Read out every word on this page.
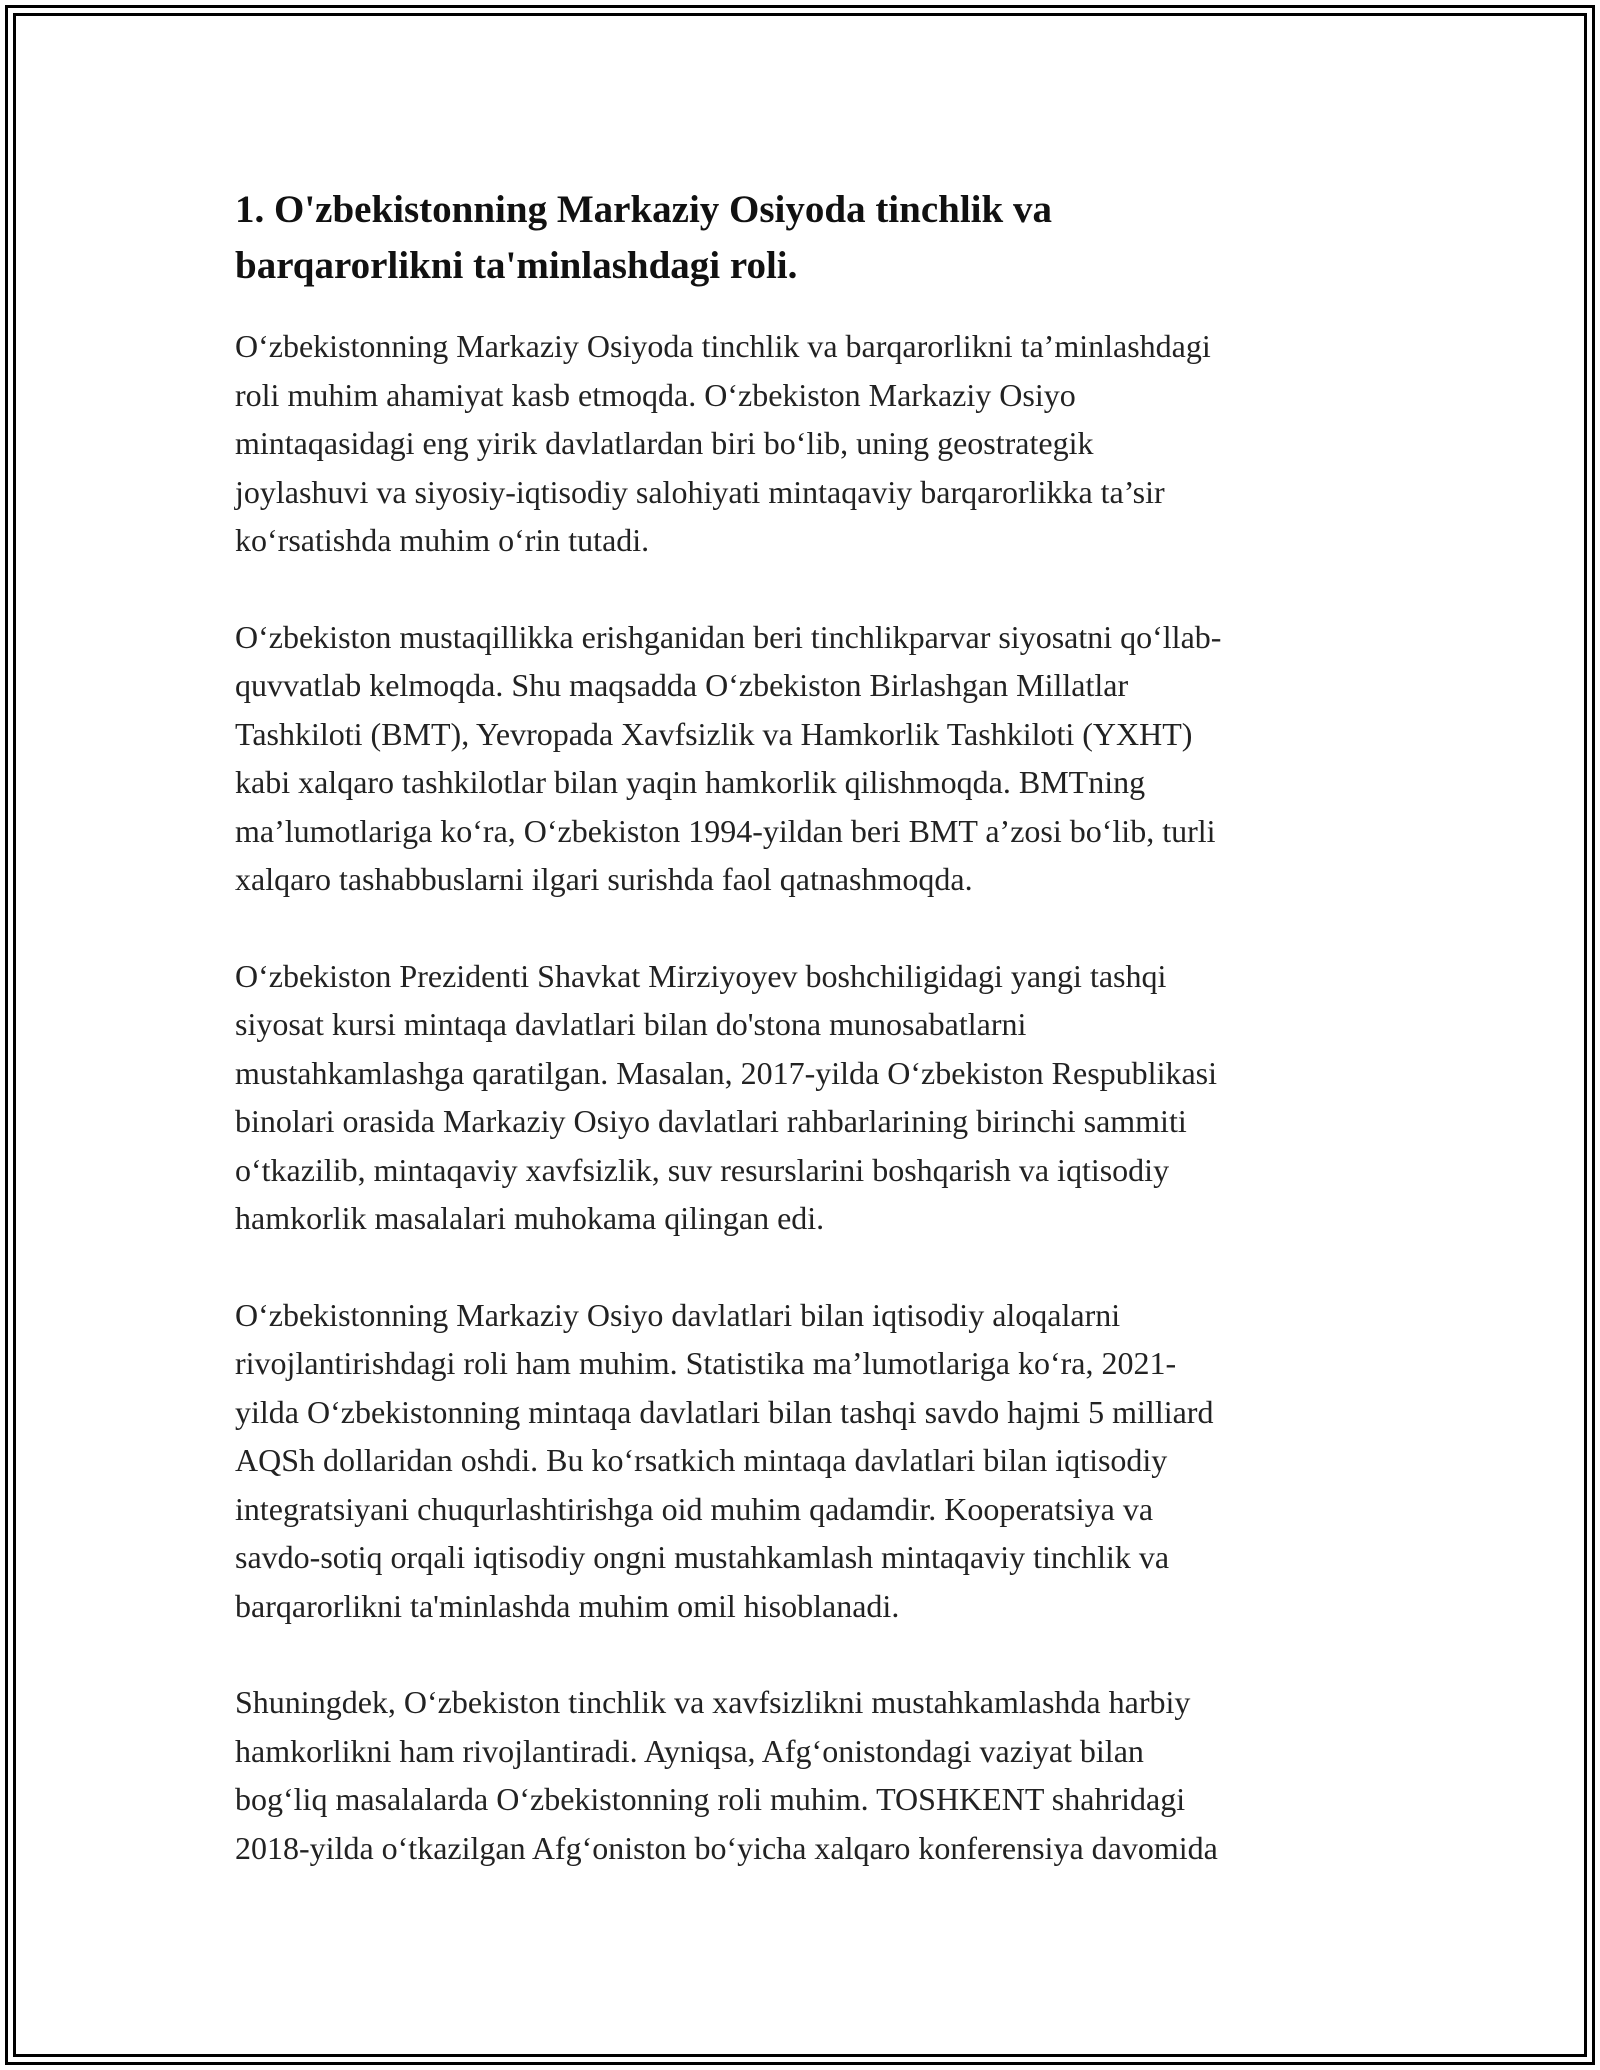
1. O'zbekistonning Markaziy Osiyoda tinchlik va
barqarorlikni ta'minlashdagi roli.

O‘zbekistonning Markaziy Osiyoda tinchlik va barqarorlikni ta’minlashdagi
roli muhim ahamiyat kasb etmoqda. O‘zbekiston Markaziy Osiyo
mintaqasidagi eng yirik davlatlardan biri bo‘lib, uning geostrategik
joylashuvi va siyosiy-iqtisodiy salohiyati mintaqaviy barqarorlikka ta’sir
ko‘rsatishda muhim o‘rin tutadi.

O‘zbekiston mustaqillikka erishganidan beri tinchlikparvar siyosatni qo‘llab-
quvvatlab kelmoqda. Shu maqsadda O‘zbekiston Birlashgan Millatlar
Tashkiloti (BMT), Yevropada Xavfsizlik va Hamkorlik Tashkiloti (YXHT)
kabi xalqaro tashkilotlar bilan yaqin hamkorlik qilishmoqda. BMTning
ma’lumotlariga ko‘ra, O‘zbekiston 1994-yildan beri BMT a’zosi bo‘lib, turli
xalqaro tashabbuslarni ilgari surishda faol qatnashmoqda.

O‘zbekiston Prezidenti Shavkat Mirziyoyev boshchiligidagi yangi tashqi
siyosat kursi mintaqa davlatlari bilan do'stona munosabatlarni
mustahkamlashga qaratilgan. Masalan, 2017-yilda O‘zbekiston Respublikasi
binolari orasida Markaziy Osiyo davlatlari rahbarlarining birinchi sammiti
o‘tkazilib, mintaqaviy xavfsizlik, suv resurslarini boshqarish va iqtisodiy
hamkorlik masalalari muhokama qilingan edi.

O‘zbekistonning Markaziy Osiyo davlatlari bilan iqtisodiy aloqalarni
rivojlantirishdagi roli ham muhim. Statistika ma’lumotlariga ko‘ra, 2021-
yilda O‘zbekistonning mintaqa davlatlari bilan tashqi savdo hajmi 5 milliard
AQSh dollaridan oshdi. Bu ko‘rsatkich mintaqa davlatlari bilan iqtisodiy
integratsiyani chuqurlashtirishga oid muhim qadamdir. Kooperatsiya va
savdo-sotiq orqali iqtisodiy ongni mustahkamlash mintaqaviy tinchlik va
barqarorlikni ta'minlashda muhim omil hisoblanadi.

Shuningdek, O‘zbekiston tinchlik va xavfsizlikni mustahkamlashda harbiy
hamkorlikni ham rivojlantiradi. Ayniqsa, Afg‘onistondagi vaziyat bilan
bog‘liq masalalarda O‘zbekistonning roli muhim. TOSHKENT shahridagi
2018-yilda o‘tkazilgan Afg‘oniston bo‘yicha xalqaro konferensiya davomida
